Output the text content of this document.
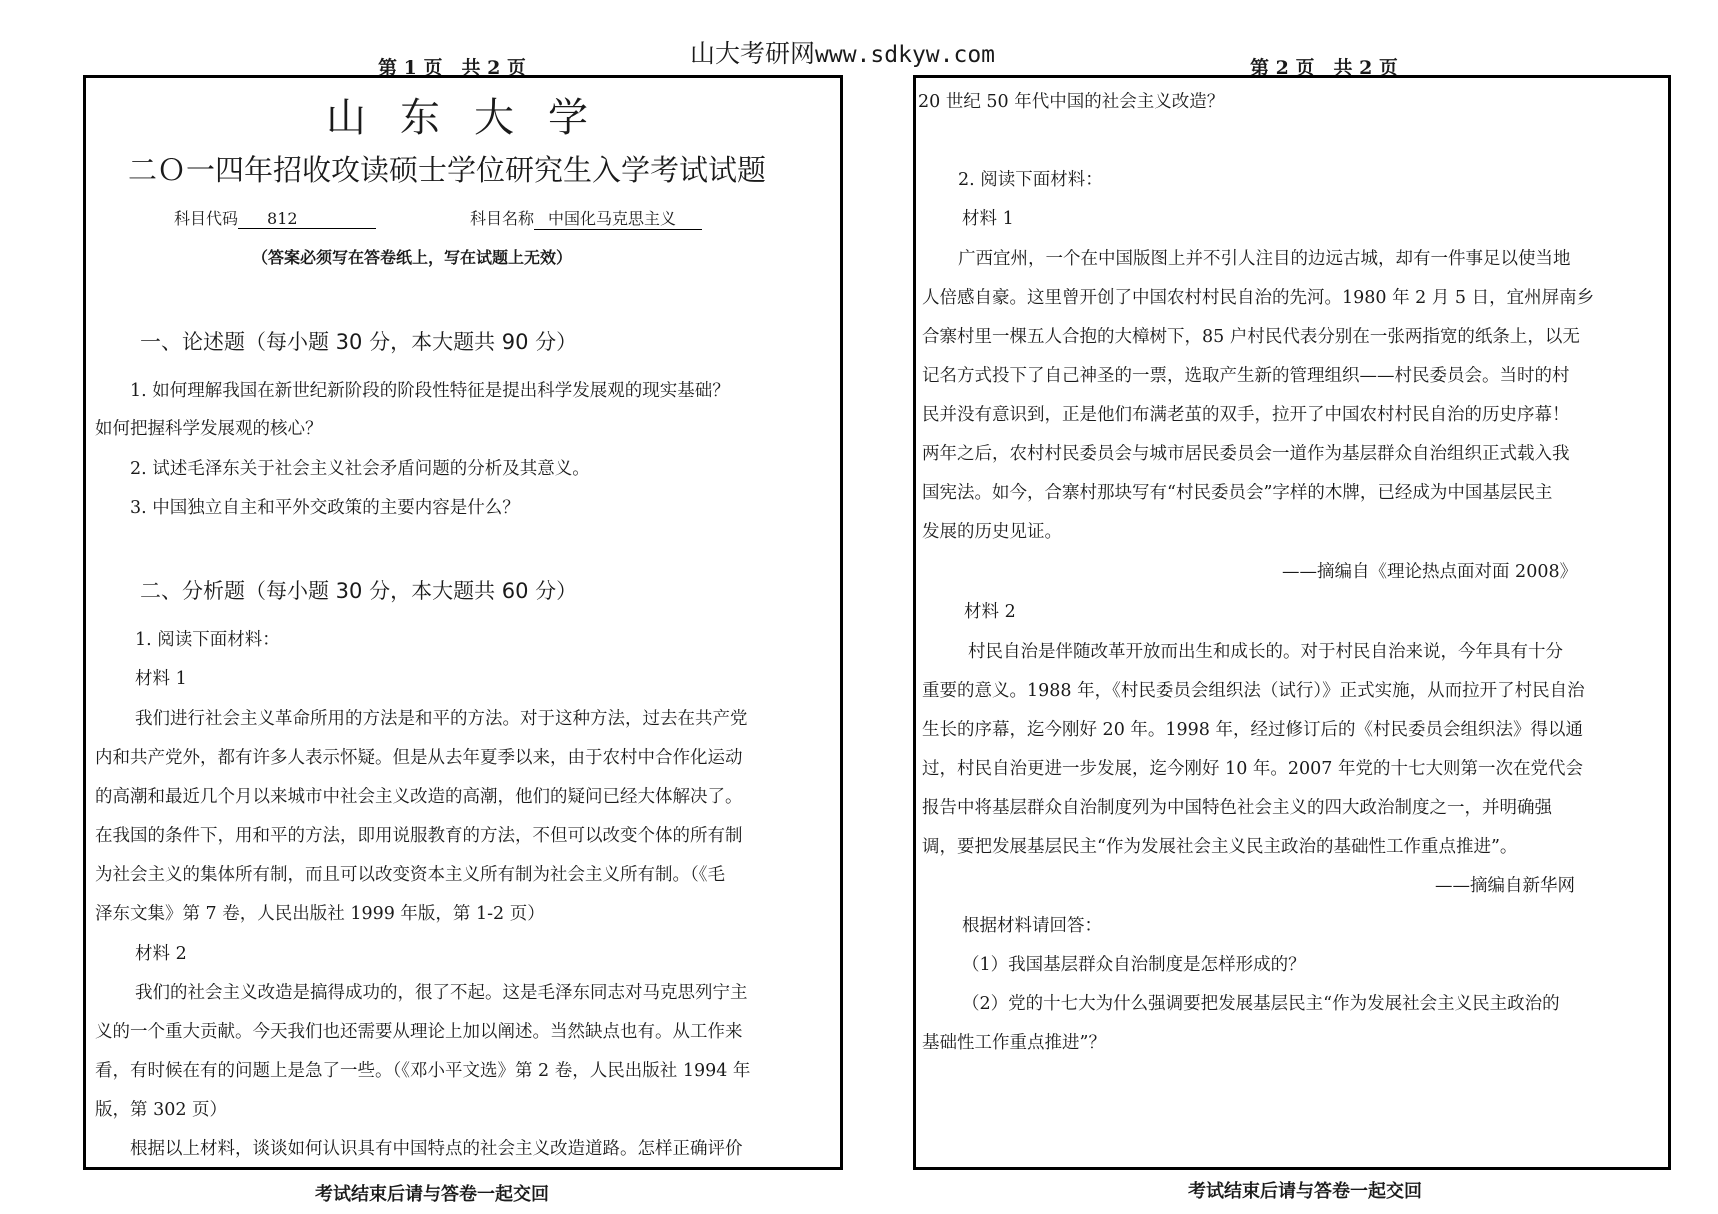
山大考研网www.sdkyw.com
第 1 页　共 2 页	第 2 页　共 2 页
山东大学
二Ｏ一四年招收攻读硕士学位研究生入学考试试题
科目代码 812	科目名称 中国化马克思主义
（答案必须写在答卷纸上，写在试题上无效）
一、论述题（每小题 30 分，本大题共 90 分）
1. 如何理解我国在新世纪新阶段的阶段性特征是提出科学发展观的现实基础？
如何把握科学发展观的核心？
2. 试述毛泽东关于社会主义社会矛盾问题的分析及其意义。
3. 中国独立自主和平外交政策的主要内容是什么？
二、分析题（每小题 30 分，本大题共 60 分）
1. 阅读下面材料：
材料 1
我们进行社会主义革命所用的方法是和平的方法。对于这种方法，过去在共产党
内和共产党外，都有许多人表示怀疑。但是从去年夏季以来，由于农村中合作化运动
的高潮和最近几个月以来城市中社会主义改造的高潮，他们的疑问已经大体解决了。
在我国的条件下，用和平的方法，即用说服教育的方法，不但可以改变个体的所有制
为社会主义的集体所有制，而且可以改变资本主义所有制为社会主义所有制。（《毛
泽东文集》第 7 卷，人民出版社 1999 年版，第 1-2 页）
材料 2
我们的社会主义改造是搞得成功的，很了不起。这是毛泽东同志对马克思列宁主
义的一个重大贡献。今天我们也还需要从理论上加以阐述。当然缺点也有。从工作来
看，有时候在有的问题上是急了一些。（《邓小平文选》第 2 卷，人民出版社 1994 年
版，第 302 页）
根据以上材料，谈谈如何认识具有中国特点的社会主义改造道路。怎样正确评价
考试结束后请与答卷一起交回
20 世纪 50 年代中国的社会主义改造？
2. 阅读下面材料：
材料 1
广西宜州，一个在中国版图上并不引人注目的边远古城，却有一件事足以使当地
人倍感自豪。这里曾开创了中国农村村民自治的先河。1980 年 2 月 5 日，宜州屏南乡
合寨村里一棵五人合抱的大樟树下，85 户村民代表分别在一张两指宽的纸条上，以无
记名方式投下了自己神圣的一票，选取产生新的管理组织——村民委员会。当时的村
民并没有意识到，正是他们布满老茧的双手，拉开了中国农村村民自治的历史序幕！
两年之后，农村村民委员会与城市居民委员会一道作为基层群众自治组织正式载入我
国宪法。如今，合寨村那块写有“村民委员会”字样的木牌，已经成为中国基层民主
发展的历史见证。
——摘编自《理论热点面对面 2008》
材料 2
村民自治是伴随改革开放而出生和成长的。对于村民自治来说，今年具有十分
重要的意义。1988 年，《村民委员会组织法（试行）》正式实施，从而拉开了村民自治
生长的序幕，迄今刚好 20 年。1998 年，经过修订后的《村民委员会组织法》得以通
过，村民自治更进一步发展，迄今刚好 10 年。2007 年党的十七大则第一次在党代会
报告中将基层群众自治制度列为中国特色社会主义的四大政治制度之一，并明确强
调，要把发展基层民主“作为发展社会主义民主政治的基础性工作重点推进”。
——摘编自新华网
根据材料请回答：
（1）我国基层群众自治制度是怎样形成的？
（2）党的十七大为什么强调要把发展基层民主“作为发展社会主义民主政治的
基础性工作重点推进”？
考试结束后请与答卷一起交回
